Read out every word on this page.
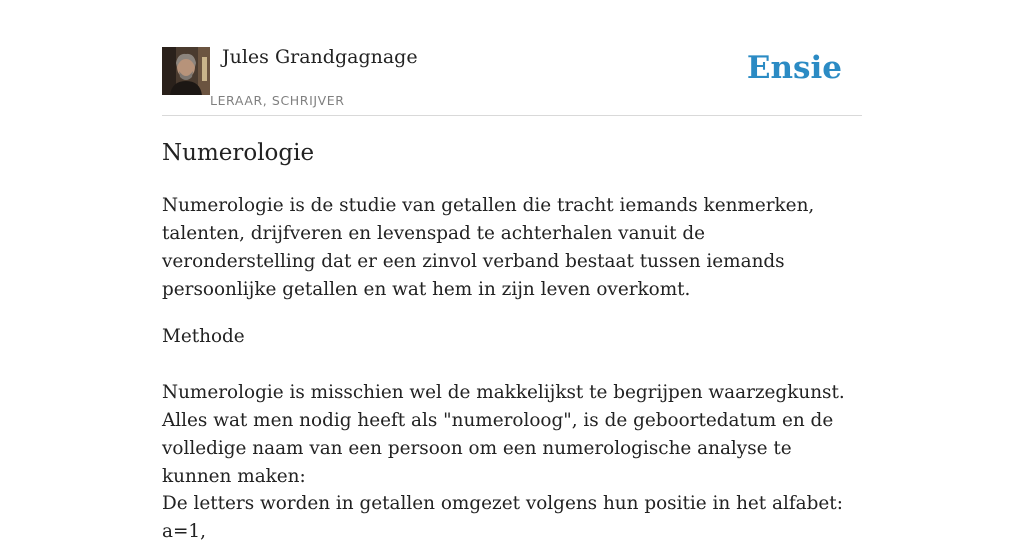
Jules Grandgagnage
LERAAR, SCHRIJVER
Ensie
Numerologie

Numerologie is de studie van getallen die tracht iemands kenmerken, talenten, drijfveren en levenspad te achterhalen vanuit de veronderstelling dat er een zinvol verband bestaat tussen iemands persoonlijke getallen en wat hem in zijn leven overkomt.

Methode

Numerologie is misschien wel de makkelijkst te begrijpen waarzegkunst. Alles wat men nodig heeft als "numeroloog", is de geboortedatum en de volledige naam van een persoon om een numerologische analyse te kunnen maken:

De letters worden in getallen omgezet volgens hun positie in het alfabet: a=1,
